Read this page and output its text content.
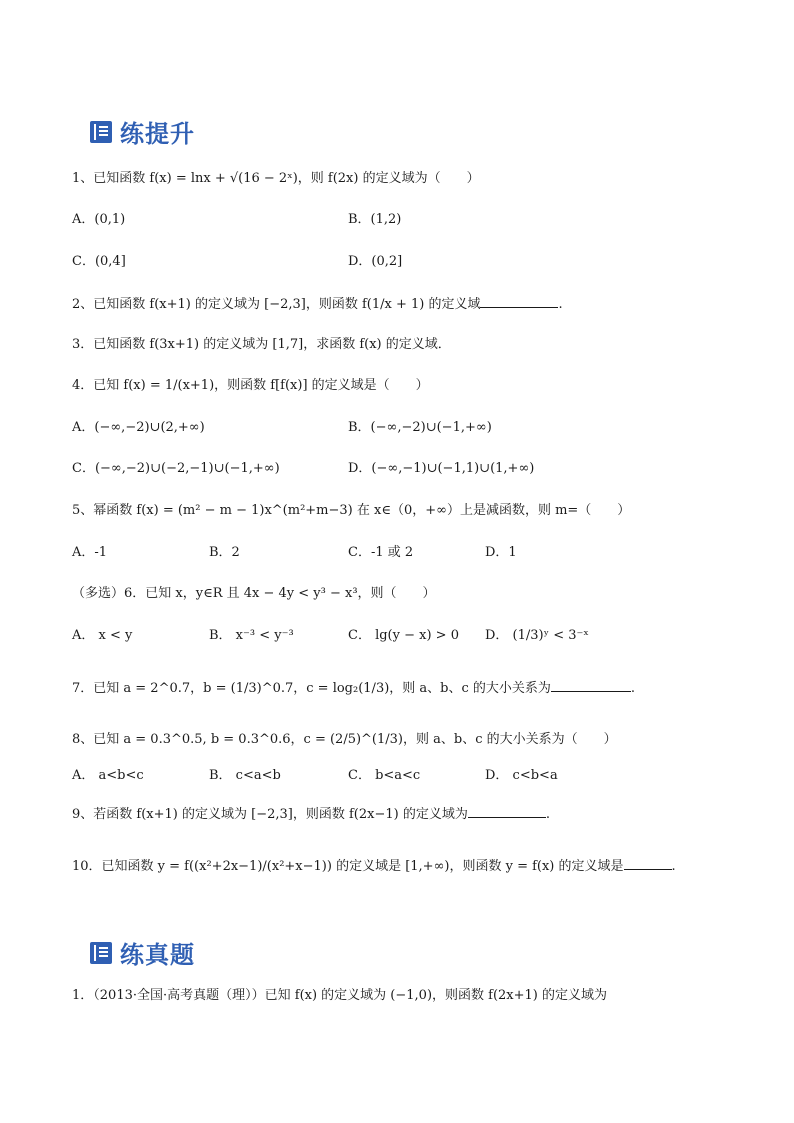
练提升
1、已知函数 f(x) = lnx + √(16 − 2ˣ)，则 f(2x) 的定义域为（　　）
A．(0,1)	B．(1,2)
C．(0,4]	D．(0,2]
2、已知函数 f(x+1) 的定义域为 [−2,3]，则函数 f(1/x + 1) 的定义域	.
3．已知函数 f(3x+1) 的定义域为 [1,7]，求函数 f(x) 的定义域．
4．已知 f(x) = 1/(x+1)，则函数 f[f(x)] 的定义域是（　　）
A．(−∞,−2)∪(2,+∞)	B．(−∞,−2)∪(−1,+∞)
C．(−∞,−2)∪(−2,−1)∪(−1,+∞)	D．(−∞,−1)∪(−1,1)∪(1,+∞)
5、幂函数 f(x) = (m² − m − 1)x^(m²+m−3) 在 x∈（0，+∞）上是减函数，则 m=（　　）
A．-1	B．2	C．-1 或 2	D．1
（多选）6．已知 x，y∈R 且 4x − 4y < y³ − x³，则（　　）
A． x < y	B． x⁻³ < y⁻³	C． lg(y − x) > 0 D． (1/3)ʸ < 3⁻ˣ
7．已知 a = 2^0.7，b = (1/3)^0.7，c = log₂(1/3)，则 a、b、c 的大小关系为	.
8、已知 a = 0.3^0.5, b = 0.3^0.6，c = (2/5)^(1/3)，则 a、b、c 的大小关系为（　　）
A． a<b<c	B． c<a<b	C． b<a<c	D． c<b<a
9、若函数 f(x+1) 的定义域为 [−2,3]，则函数 f(2x−1) 的定义域为	.
10．已知函数 y = f((x²+2x−1)/(x²+x−1)) 的定义域是 [1,+∞)，则函数 y = f(x) 的定义域是	.
练真题
1．（2013·全国·高考真题（理））已知 f(x) 的定义域为 (−1,0)，则函数 f(2x+1) 的定义域为
